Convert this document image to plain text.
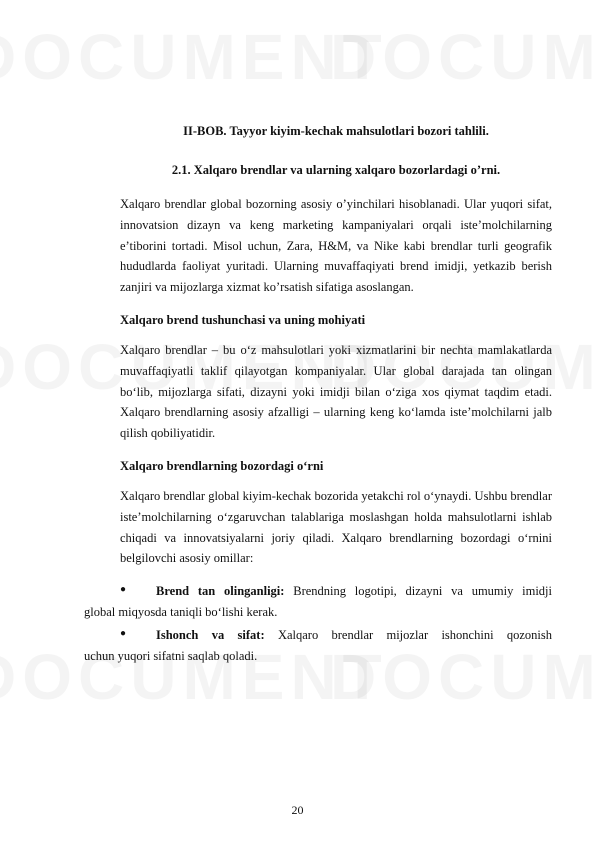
II-BOB. Tayyor kiyim-kechak mahsulotlari bozori tahlili.
2.1. Xalqaro brendlar va ularning xalqaro bozorlardagi o’rni.

Xalqaro brendlar global bozorning asosiy o’yinchilari hisoblanadi. Ular yuqori sifat, innovatsion dizayn va keng marketing kampaniyalari orqali iste’molchilarning e’tiborini tortadi. Misol uchun, Zara, H&M, va Nike kabi brendlar turli geografik hududlarda faoliyat yuritadi. Ularning muvaffaqiyati brend imidji, yetkazib berish zanjiri va mijozlarga xizmat ko’rsatish sifatiga asoslangan.

Xalqaro brend tushunchasi va uning mohiyati

Xalqaro brendlar – bu o‘z mahsulotlari yoki xizmatlarini bir nechta mamlakatlarda muvaffaqiyatli taklif qilayotgan kompaniyalar. Ular global darajada tan olingan bo‘lib, mijozlarga sifati, dizayni yoki imidji bilan o‘ziga xos qiymat taqdim etadi. Xalqaro brendlarning asosiy afzalligi – ularning keng ko‘lamda iste’molchilarni jalb qilish qobiliyatidir.

Xalqaro brendlarning bozordagi o‘rni

Xalqaro brendlar global kiyim-kechak bozorida yetakchi rol o‘ynaydi. Ushbu brendlar iste’molchilarning o‘zgaruvchan talablariga moslashgan holda mahsulotlarni ishlab chiqadi va innovatsiyalarni joriy qiladi. Xalqaro brendlarning bozordagi o‘rnini belgilovchi asosiy omillar:

●	Brend tan olinganligi: Brendning logotipi, dizayni va umumiy imidji
global miqyosda taniqli bo‘lishi kerak.

●	Ishonch va sifat: Xalqaro brendlar mijozlar ishonchini qozonish
uchun yuqori sifatni saqlab qoladi.

20
